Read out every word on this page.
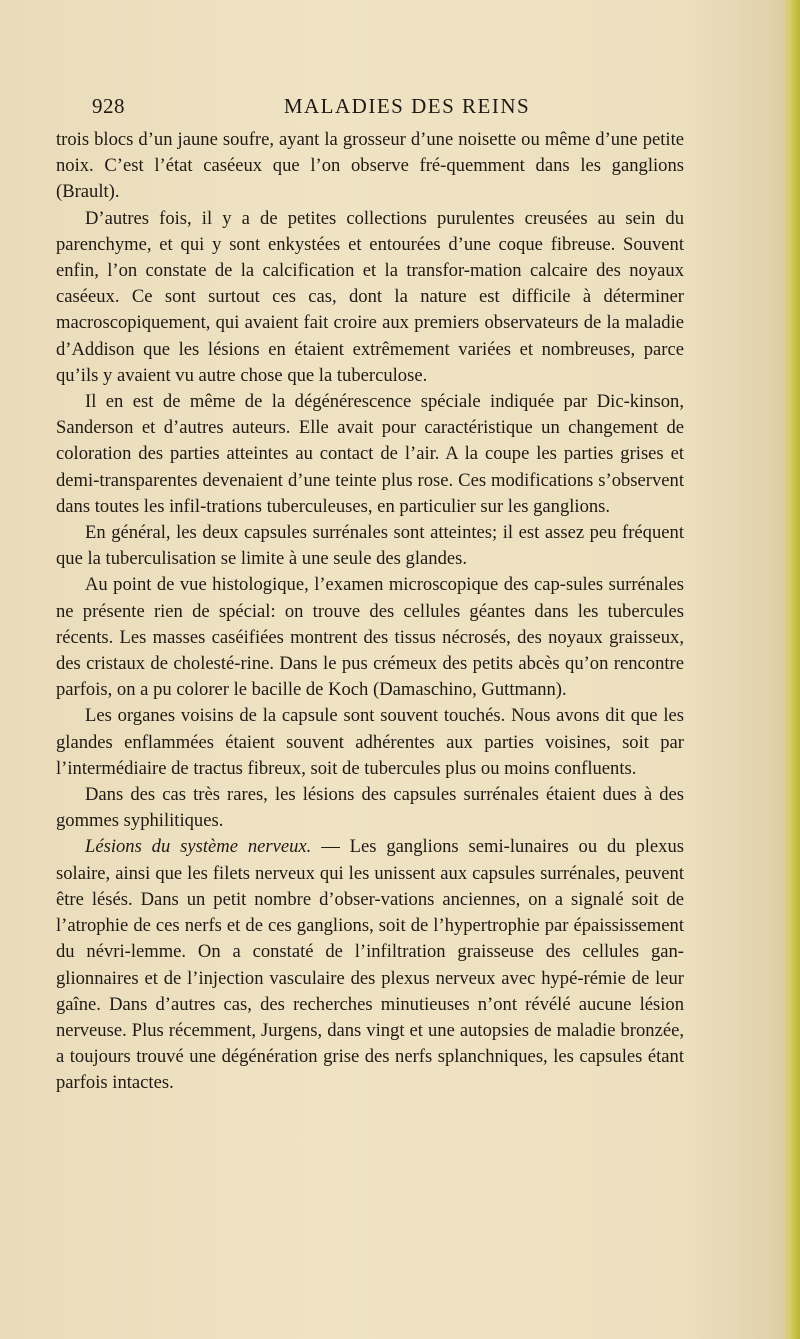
928	MALADIES DES REINS

trois blocs d’un jaune soufre, ayant la grosseur d’une noisette ou même d’une petite noix. C’est l’état caséeux que l’on observe fré-quemment dans les ganglions (Brault).

D’autres fois, il y a de petites collections purulentes creusées au sein du parenchyme, et qui y sont enkystées et entourées d’une coque fibreuse. Souvent enfin, l’on constate de la calcification et la transfor-mation calcaire des noyaux caséeux. Ce sont surtout ces cas, dont la nature est difficile à déterminer macroscopiquement, qui avaient fait croire aux premiers observateurs de la maladie d’Addison que les lésions en étaient extrêmement variées et nombreuses, parce qu’ils y avaient vu autre chose que la tuberculose.

Il en est de même de la dégénérescence spéciale indiquée par Dic-kinson, Sanderson et d’autres auteurs. Elle avait pour caractéristique un changement de coloration des parties atteintes au contact de l’air. A la coupe les parties grises et demi-transparentes devenaient d’une teinte plus rose. Ces modifications s’observent dans toutes les infil-trations tuberculeuses, en particulier sur les ganglions.

En général, les deux capsules surrénales sont atteintes; il est assez peu fréquent que la tuberculisation se limite à une seule des glandes.

Au point de vue histologique, l’examen microscopique des cap-sules surrénales ne présente rien de spécial: on trouve des cellules géantes dans les tubercules récents. Les masses caséifiées montrent des tissus nécrosés, des noyaux graisseux, des cristaux de cholesté-rine. Dans le pus crémeux des petits abcès qu’on rencontre parfois, on a pu colorer le bacille de Koch (Damaschino, Guttmann).

Les organes voisins de la capsule sont souvent touchés. Nous avons dit que les glandes enflammées étaient souvent adhérentes aux parties voisines, soit par l’intermédiaire de tractus fibreux, soit de tubercules plus ou moins confluents.

Dans des cas très rares, les lésions des capsules surrénales étaient dues à des gommes syphilitiques.

Lésions du système nerveux. — Les ganglions semi-lunaires ou du plexus solaire, ainsi que les filets nerveux qui les unissent aux capsules surrénales, peuvent être lésés. Dans un petit nombre d’obser-vations anciennes, on a signalé soit de l’atrophie de ces nerfs et de ces ganglions, soit de l’hypertrophie par épaississement du névri-lemme. On a constaté de l’infiltration graisseuse des cellules gan-glionnaires et de l’injection vasculaire des plexus nerveux avec hypé-rémie de leur gaîne. Dans d’autres cas, des recherches minutieuses n’ont révélé aucune lésion nerveuse. Plus récemment, Jurgens, dans vingt et une autopsies de maladie bronzée, a toujours trouvé une dégénération grise des nerfs splanchniques, les capsules étant parfois intactes.
